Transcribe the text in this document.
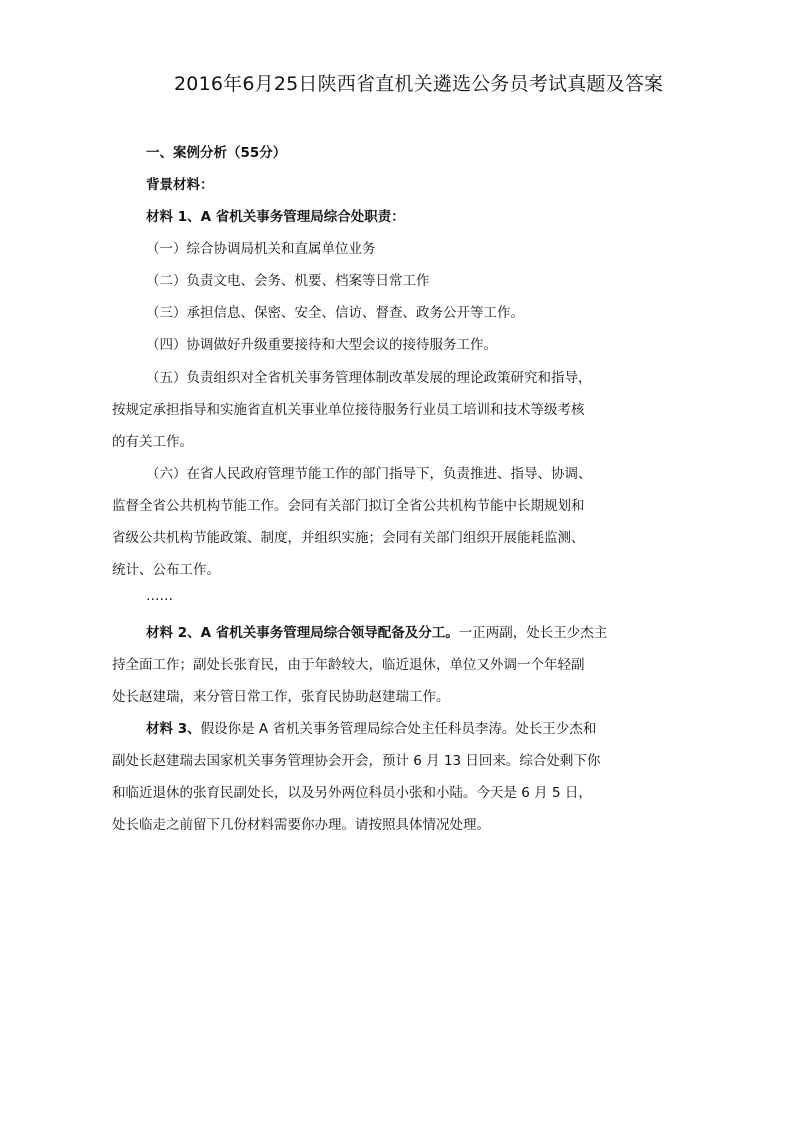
2016年6月25日陕西省直机关遴选公务员考试真题及答案
一、案例分析（55分）
背景材料：
材料 1、A 省机关事务管理局综合处职责：
（一）综合协调局机关和直属单位业务
（二）负责文电、会务、机要、档案等日常工作
（三）承担信息、保密、安全、信访、督查、政务公开等工作。
（四）协调做好升级重要接待和大型会议的接待服务工作。
（五）负责组织对全省机关事务管理体制改革发展的理论政策研究和指导，
按规定承担指导和实施省直机关事业单位接待服务行业员工培训和技术等级考核
的有关工作。
（六）在省人民政府管理节能工作的部门指导下，负责推进、指导、协调、
监督全省公共机构节能工作。会同有关部门拟订全省公共机构节能中长期规划和
省级公共机构节能政策、制度，并组织实施；会同有关部门组织开展能耗监测、
统计、公布工作。
……
材料 2、A 省机关事务管理局综合领导配备及分工。一正两副，处长王少杰主
持全面工作；副处长张育民，由于年龄较大，临近退休，单位又外调一个年轻副
处长赵建瑞，来分管日常工作，张育民协助赵建瑞工作。
材料 3、假设你是 A 省机关事务管理局综合处主任科员李涛。处长王少杰和
副处长赵建瑞去国家机关事务管理协会开会，预计 6 月 13 日回来。综合处剩下你
和临近退休的张育民副处长，以及另外两位科员小张和小陆。今天是 6 月 5 日，
处长临走之前留下几份材料需要你办理。请按照具体情况处理。
